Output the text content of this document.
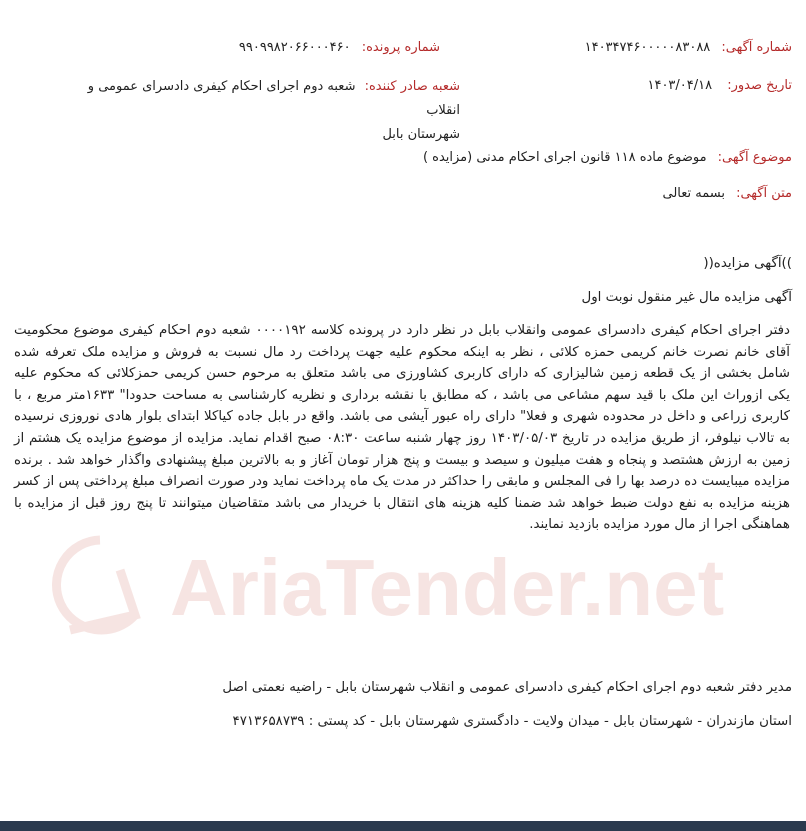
AriaTender.net
شماره آگهی: ۱۴۰۳۴۷۴۶۰۰۰۰۰۸۳۰۸۸
شماره پرونده: ۹۹۰۹۹۸۲۰۶۶۰۰۰۴۶۰
تاریخ صدور: ۱۴۰۳/۰۴/۱۸
شعبه صادر کننده: شعبه دوم اجرای احکام کیفری دادسرای عمومی و انقلاب
شهرستان بابل
موضوع آگهی: موضوع ماده ۱۱۸ قانون اجرای احکام مدنی (مزایده )
متن آگهی: بسمه تعالی
))آگهی مزایده((
آگهی مزایده مال غیر منقول نوبت اول

دفتر اجرای احکام کیفری دادسرای عمومی وانقلاب بابل در نظر دارد در پرونده کلاسه ۰۰۰۰۱۹۲ شعبه دوم احکام کیفری موضوع محکومیت آقای خانم نصرت خانم کریمی حمزه کلائی ، نظر به اینکه محکوم علیه جهت پرداخت رد مال نسبت به فروش و مزایده ملک تعرفه شده شامل بخشی از یک قطعه زمین شالیزاری که دارای کاربری کشاورزی می باشد متعلق به مرحوم حسن کریمی حمزکلائی که محکوم علیه یکی ازوراث این ملک با قید سهم مشاعی می باشد ، که مطابق با نقشه برداری و نظریه کارشناسی به مساحت حدودا" ۱۶۳۳متر مربع ، با کاربری زراعی و داخل در محدوده شهری و فعلا" دارای راه عبور آیشی می باشد. واقع در بابل جاده کیاکلا ابتدای بلوار هادی نوروزی نرسیده به تالاب نیلوفر، از طریق مزایده در تاریخ ۱۴۰۳/۰۵/۰۳ روز چهار شنبه ساعت ۰۸:۳۰ صبح اقدام نماید. مزایده از موضوع مزایده یک هشتم از زمین به ارزش هشتصد و پنجاه و هفت میلیون و سیصد و بیست و پنج هزار تومان آغاز و به بالاترین مبلغ پیشنهادی واگذار خواهد شد . برنده مزایده میبایست ده درصد بها را فی المجلس و مابقی را حداکثر در مدت یک ماه پرداخت نماید ودر صورت انصراف مبلغ پرداختی پس از کسر هزینه مزایده به نفع دولت ضبط خواهد شد ضمنا کلیه هزینه های انتقال با خریدار می باشد متقاضیان میتوانند تا پنج روز قبل از مزایده با هماهنگی اجرا از مال مورد مزایده بازدید نمایند.

مدیر دفتر شعبه دوم اجرای احکام کیفری دادسرای عمومی و انقلاب شهرستان بابل - راضیه نعمتی اصل
استان مازندران - شهرستان بابل - میدان ولایت - دادگستری شهرستان بابل - کد پستی : ۴۷۱۳۶۵۸۷۳۹
